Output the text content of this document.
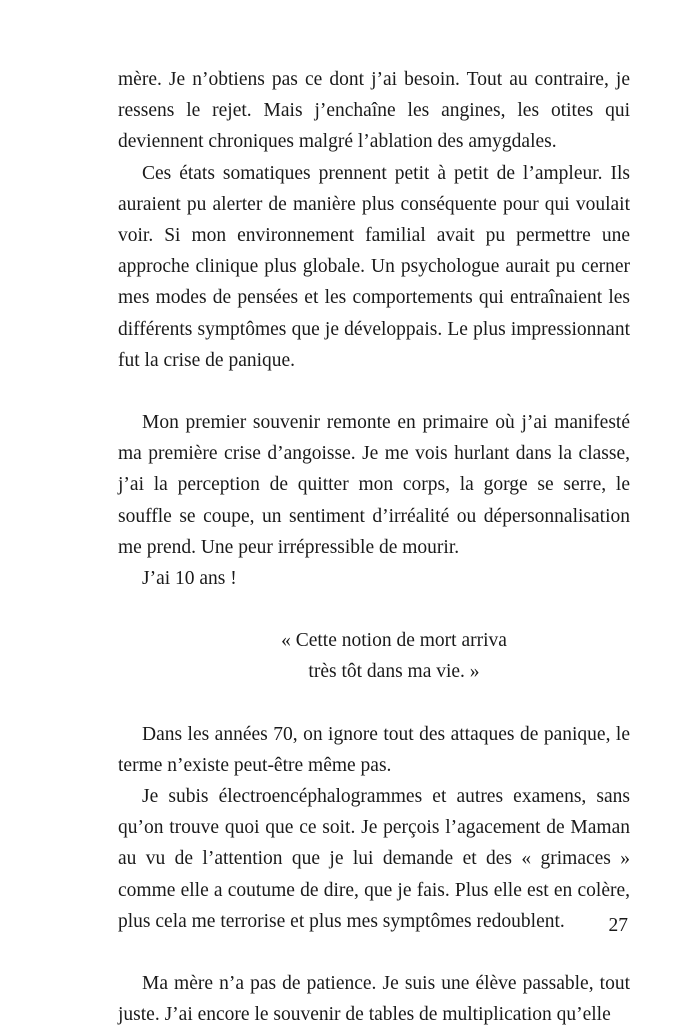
mère. Je n’obtiens pas ce dont j’ai besoin. Tout au contraire, je ressens le rejet. Mais j’enchaîne les angines, les otites qui deviennent chroniques malgré l’ablation des amygdales.

Ces états somatiques prennent petit à petit de l’ampleur. Ils auraient pu alerter de manière plus conséquente pour qui voulait voir. Si mon environnement familial avait pu permettre une approche clinique plus globale. Un psychologue aurait pu cerner mes modes de pensées et les comportements qui entraînaient les différents symptômes que je développais. Le plus impressionnant fut la crise de panique.

Mon premier souvenir remonte en primaire où j’ai manifesté ma première crise d’angoisse. Je me vois hurlant dans la classe, j’ai la perception de quitter mon corps, la gorge se serre, le souffle se coupe, un sentiment d’irréalité ou dépersonnalisation me prend. Une peur irrépressible de mourir.

J’ai 10 ans !

« Cette notion de mort arriva
très tôt dans ma vie. »

Dans les années 70, on ignore tout des attaques de panique, le terme n’existe peut-être même pas.

Je subis électroencéphalogrammes et autres examens, sans qu’on trouve quoi que ce soit. Je perçois l’agacement de Maman au vu de l’attention que je lui demande et des « grimaces » comme elle a coutume de dire, que je fais. Plus elle est en colère, plus cela me terrorise et plus mes symptômes redoublent.

Ma mère n’a pas de patience. Je suis une élève passable, tout juste. J’ai encore le souvenir de tables de multiplication qu’elle

27
